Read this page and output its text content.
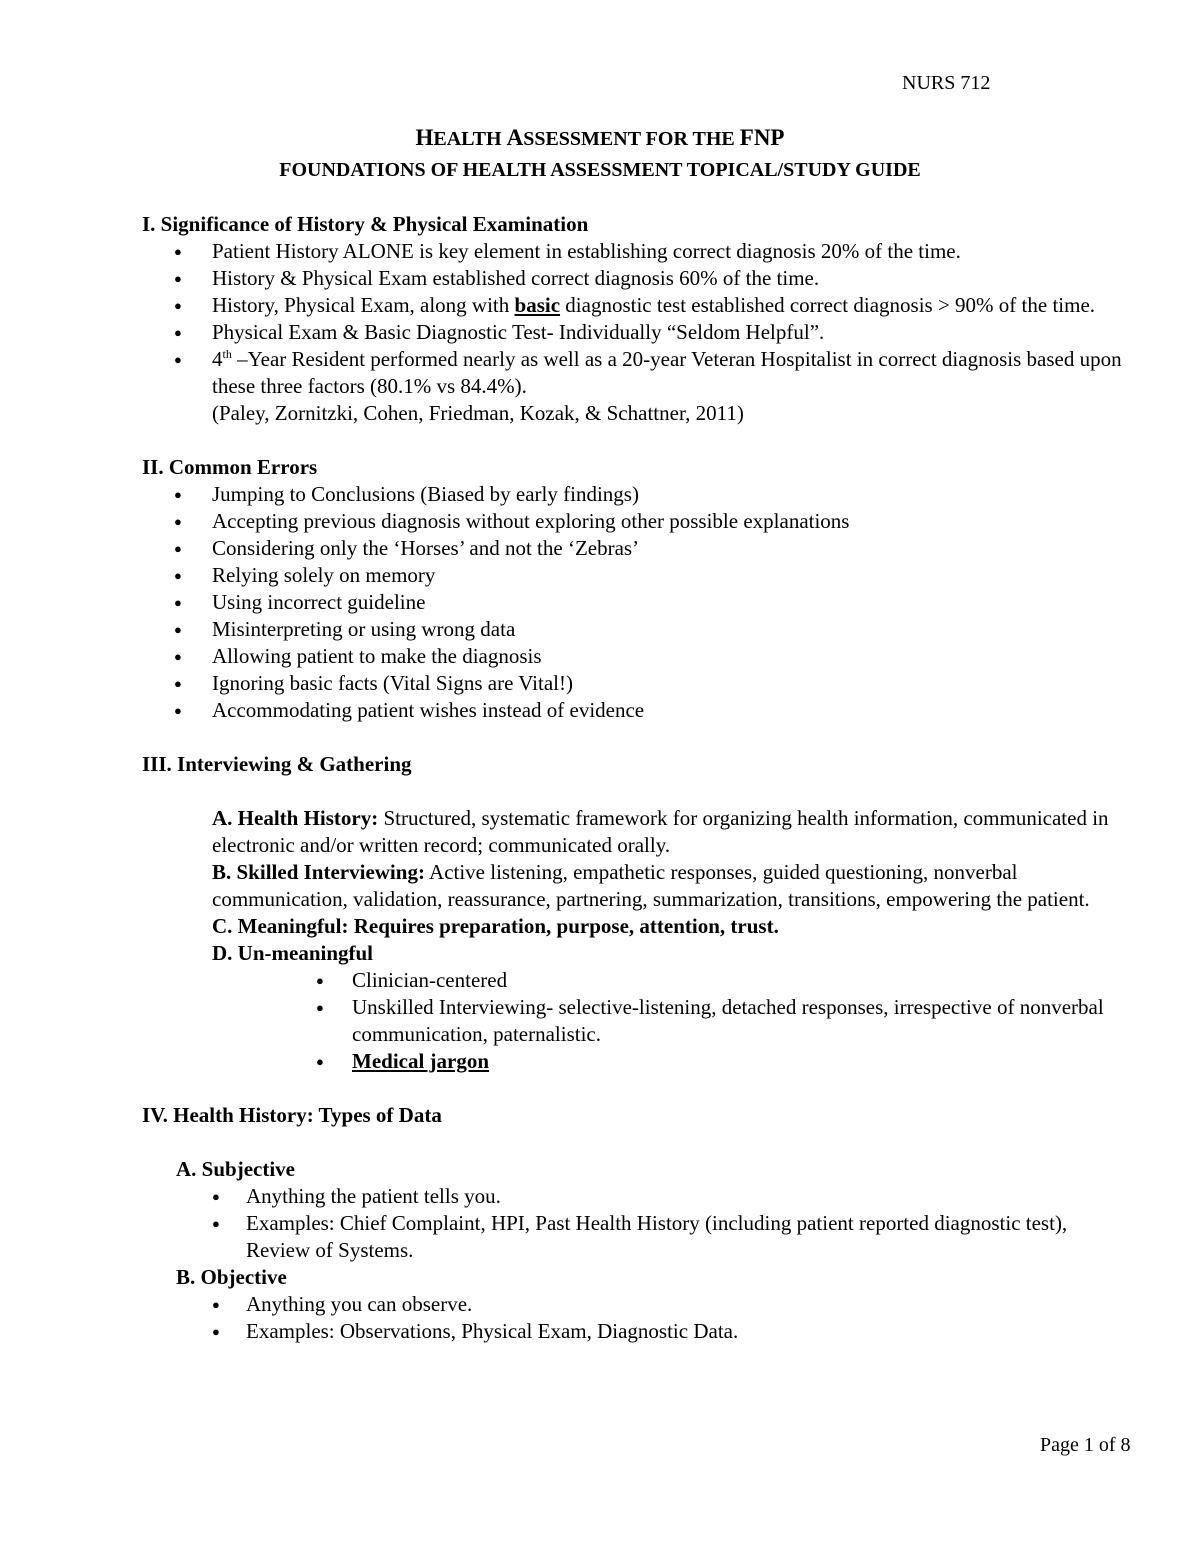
NURS 712
HEALTH ASSESSMENT FOR THE FNP
FOUNDATIONS OF HEALTH ASSESSMENT TOPICAL/STUDY GUIDE

I. Significance of History & Physical Examination

● Patient History ALONE is key element in establishing correct diagnosis 20% of the time.
● History & Physical Exam established correct diagnosis 60% of the time.
● History, Physical Exam, along with basic diagnostic test established correct diagnosis > 90% of the time.
● Physical Exam & Basic Diagnostic Test- Individually “Seldom Helpful”.
● 4th –Year Resident performed nearly as well as a 20-year Veteran Hospitalist in correct diagnosis based upon these three factors (80.1% vs 84.4%).
(Paley, Zornitzki, Cohen, Friedman, Kozak, & Schattner, 2011)

II. Common Errors

● Jumping to Conclusions (Biased by early findings)
● Accepting previous diagnosis without exploring other possible explanations
● Considering only the ‘Horses’ and not the ‘Zebras’
● Relying solely on memory
● Using incorrect guideline
● Misinterpreting or using wrong data
● Allowing patient to make the diagnosis
● Ignoring basic facts (Vital Signs are Vital!)
● Accommodating patient wishes instead of evidence

III. Interviewing & Gathering

A. Health History: Structured, systematic framework for organizing health information, communicated in electronic and/or written record; communicated orally.
B. Skilled Interviewing: Active listening, empathetic responses, guided questioning, nonverbal communication, validation, reassurance, partnering, summarization, transitions, empowering the patient.
C. Meaningful: Requires preparation, purpose, attention, trust.
D. Un-meaningful
● Clinician-centered
● Unskilled Interviewing- selective-listening, detached responses, irrespective of nonverbal communication, paternalistic.
● Medical jargon

IV. Health History: Types of Data

A. Subjective
● Anything the patient tells you.
● Examples: Chief Complaint, HPI, Past Health History (including patient reported diagnostic test), Review of Systems.
B. Objective
● Anything you can observe.
● Examples: Observations, Physical Exam, Diagnostic Data.
Page 1 of 8
